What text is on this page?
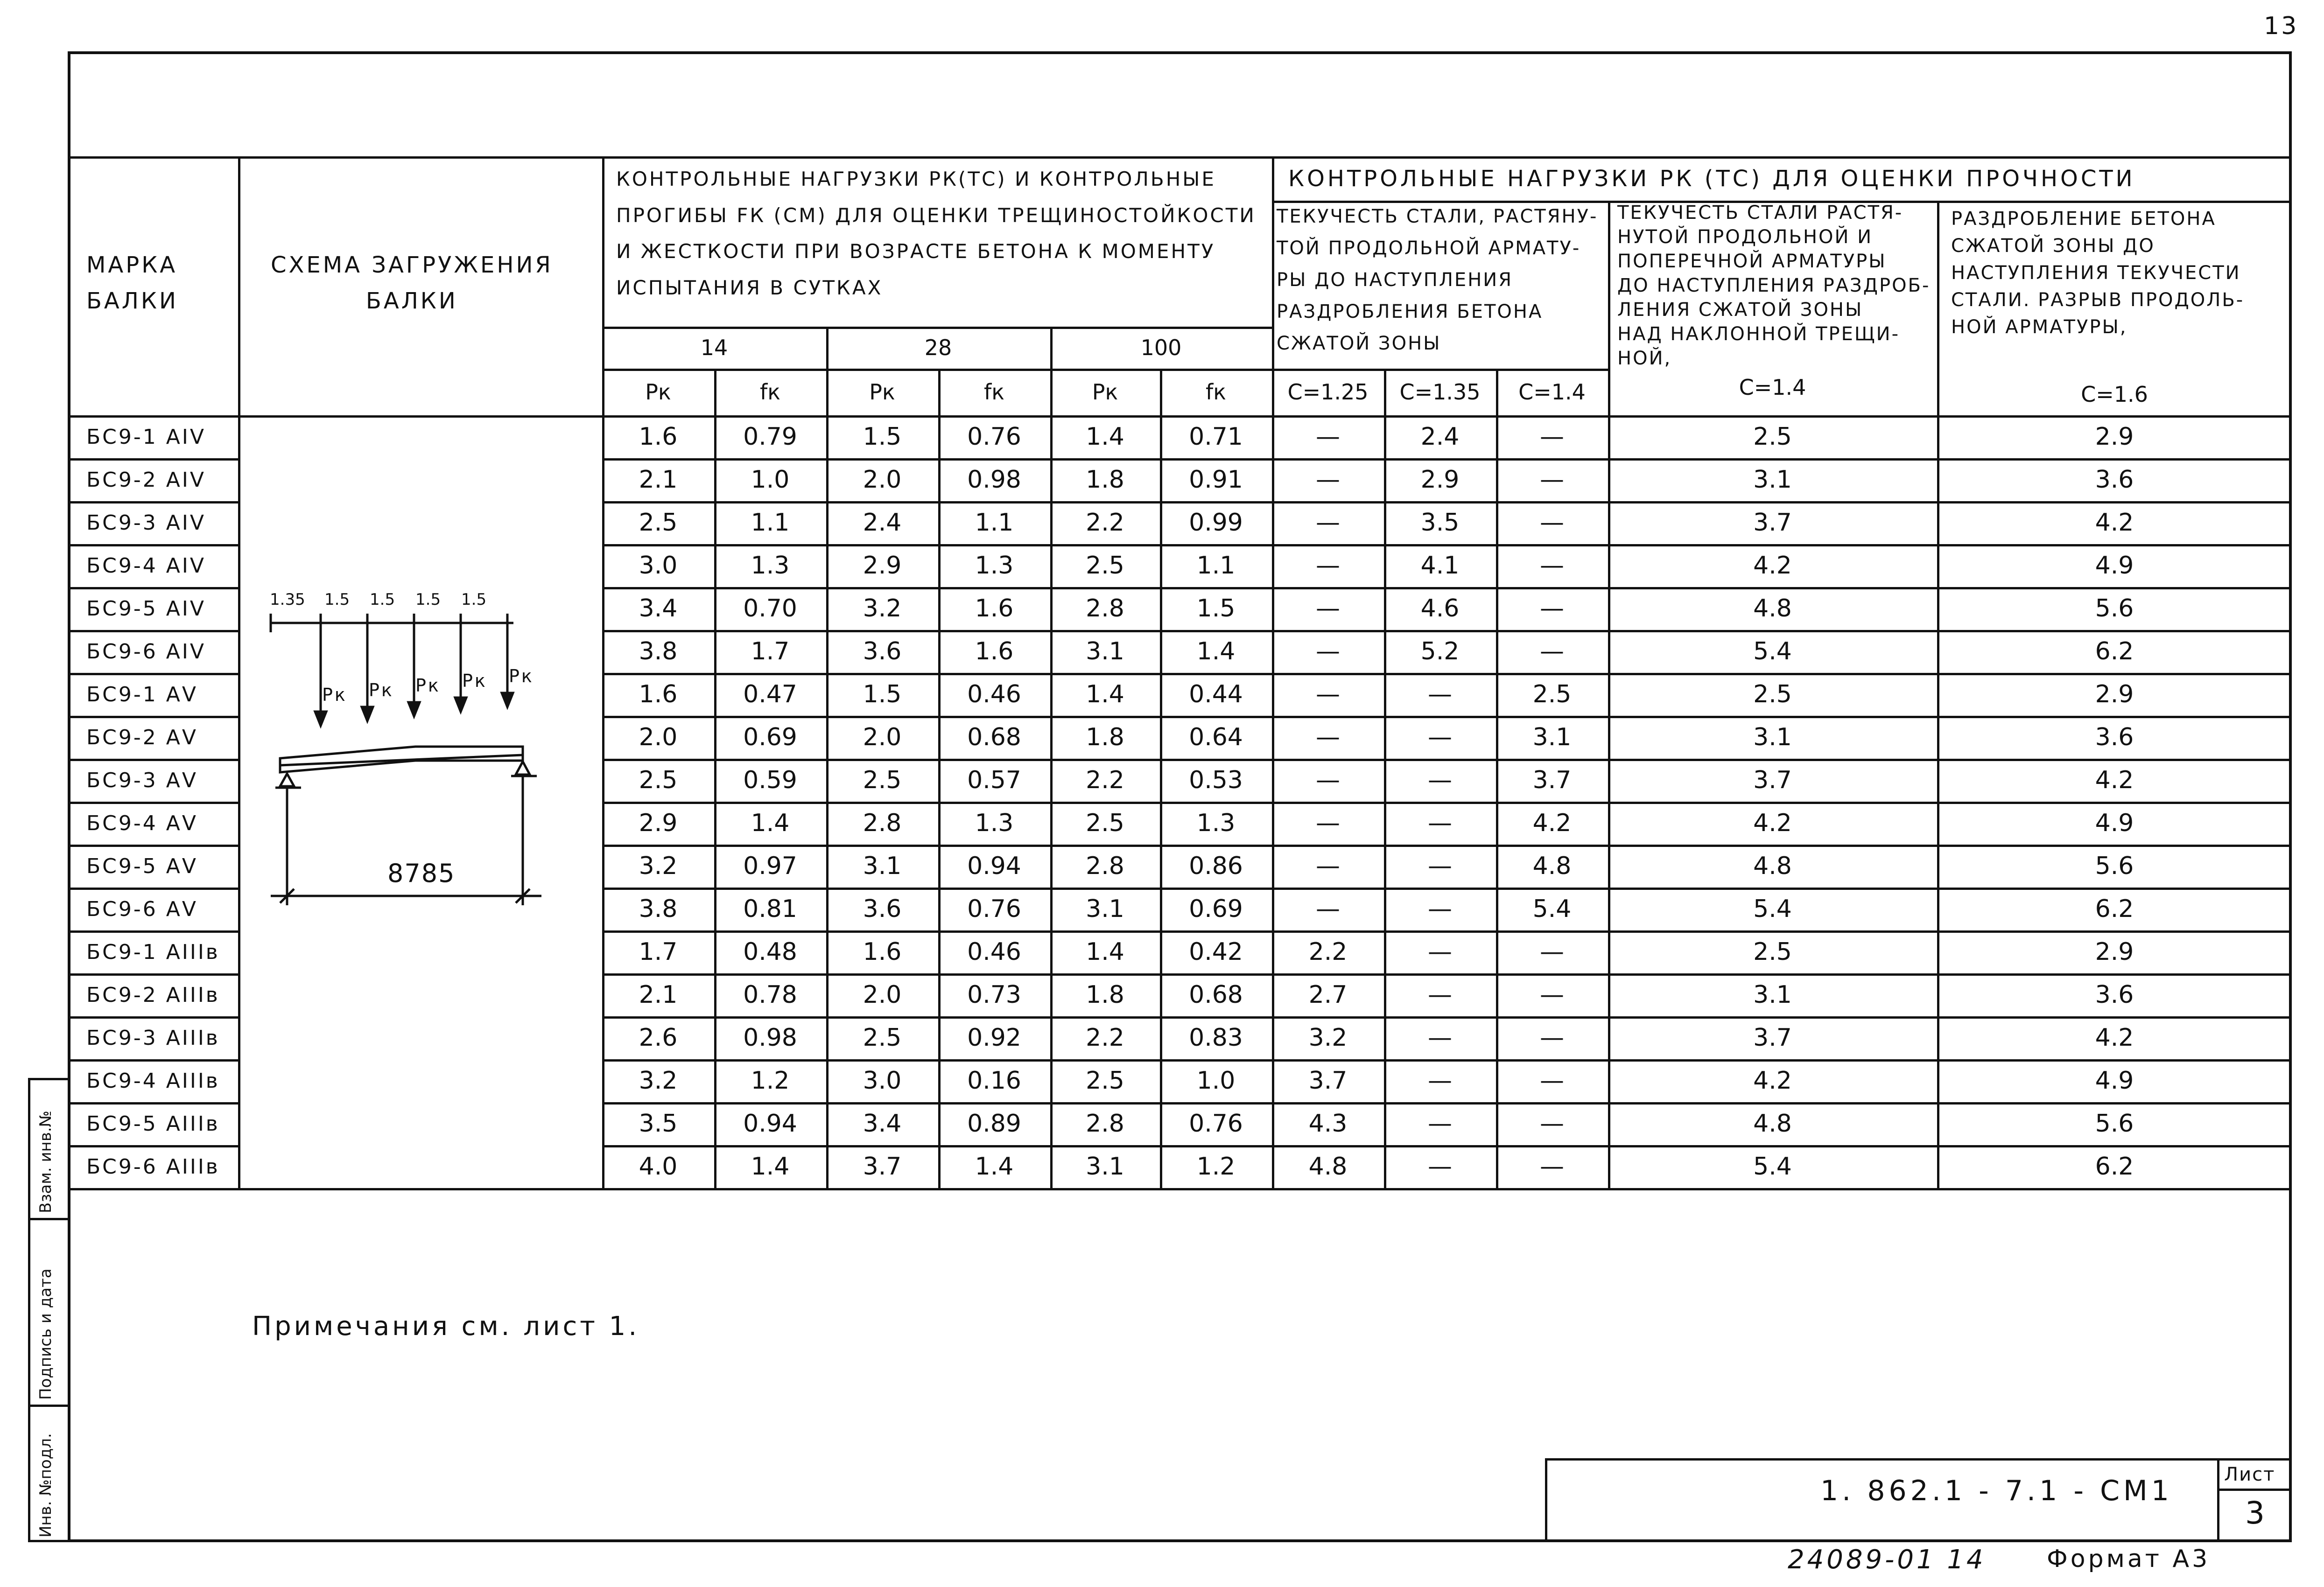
13
14	28	100
Рк	fк	Рк	fк	Рк	fк	С=1.25	С=1.35	С=1.4	С=1.4	С=1.6
БС9-1 АIV	1.6	0.79	1.5	0.76	1.4	0.71	—	2.4	—	2.5	2.9
БС9-2 АIV	2.1	1.0	2.0	0.98	1.8	0.91	—	2.9	—	3.1	3.6
БС9-3 АIV	2.5	1.1	2.4	1.1	2.2	0.99	—	3.5	—	3.7	4.2
БС9-4 АIV	3.0	1.3	2.9	1.3	2.5	1.1	—	4.1	—	4.2	4.9
БС9-5 АIV	3.4	0.70	3.2	1.6	2.8	1.5	—	4.6	—	4.8	5.6
БС9-6 АIV	3.8	1.7	3.6	1.6	3.1	1.4	—	5.2	—	5.4	6.2
БС9-1 АV	1.6	0.47	1.5	0.46	1.4	0.44	—	—	2.5	2.5	2.9
БС9-2 АV	2.0	0.69	2.0	0.68	1.8	0.64	—	—	3.1	3.1	3.6
БС9-3 АV	2.5	0.59	2.5	0.57	2.2	0.53	—	—	3.7	3.7	4.2
БС9-4 АV	2.9	1.4	2.8	1.3	2.5	1.3	—	—	4.2	4.2	4.9
БС9-5 АV	3.2	0.97	3.1	0.94	2.8	0.86	—	—	4.8	4.8	5.6
БС9-6 АV	3.8	0.81	3.6	0.76	3.1	0.69	—	—	5.4	5.4	6.2
БС9-1 АIIIв	1.7	0.48	1.6	0.46	1.4	0.42	2.2	—	—	2.5	2.9
БС9-2 АIIIв	2.1	0.78	2.0	0.73	1.8	0.68	2.7	—	—	3.1	3.6
БС9-3 АIIIв	2.6	0.98	2.5	0.92	2.2	0.83	3.2	—	—	3.7	4.2
БС9-4 АIIIв	3.2	1.2	3.0	0.16	2.5	1.0	3.7	—	—	4.2	4.9
БС9-5 АIIIв	3.5	0.94	3.4	0.89	2.8	0.76	4.3	—	—	4.8	5.6
БС9-6 АIIIв	4.0	1.4	3.7	1.4	3.1	1.2	4.8	—	—	5.4	6.2
МАРКА
БАЛКИ
СХЕМА ЗАГРУЖЕНИЯ
БАЛКИ
КОНТРОЛЬНЫЕ НАГРУЗКИ РК(ТС) И КОНТРОЛЬНЫЕ
ПРОГИБЫ FК (СМ) ДЛЯ ОЦЕНКИ ТРЕЩИНОСТОЙКОСТИ
И ЖЕСТКОСТИ ПРИ ВОЗРАСТЕ БЕТОНА К МОМЕНТУ
ИСПЫТАНИЯ В СУТКАХ
КОНТРОЛЬНЫЕ НАГРУЗКИ РК (ТС) ДЛЯ ОЦЕНКИ ПРОЧНОСТИ
ТЕКУЧЕСТЬ СТАЛИ, РАСТЯНУ-
ТОЙ ПРОДОЛЬНОЙ АРМАТУ-
РЫ ДО НАСТУПЛЕНИЯ
РАЗДРОБЛЕНИЯ БЕТОНА
СЖАТОЙ ЗОНЫ
ТЕКУЧЕСТЬ СТАЛИ РАСТЯ-
НУТОЙ ПРОДОЛЬНОЙ И
ПОПЕРЕЧНОЙ АРМАТУРЫ
ДО НАСТУПЛЕНИЯ РАЗДРОБ-
ЛЕНИЯ СЖАТОЙ ЗОНЫ
НАД НАКЛОННОЙ ТРЕЩИ-
НОЙ,
РАЗДРОБЛЕНИЕ БЕТОНА
СЖАТОЙ ЗОНЫ ДО
НАСТУПЛЕНИЯ ТЕКУЧЕСТИ
СТАЛИ. РАЗРЫВ ПРОДОЛЬ-
НОЙ АРМАТУРЫ,
1.35 1.5 1.5 1.5 1.5
Рк Рк Рк Рк Рк
8785
Примечания см. лист 1.
1. 862.1 - 7.1 - CM1	Лист
3
24089-01 14	Формат А3
Инв. №подл.
Подпись и дата
Взам. инв.№
